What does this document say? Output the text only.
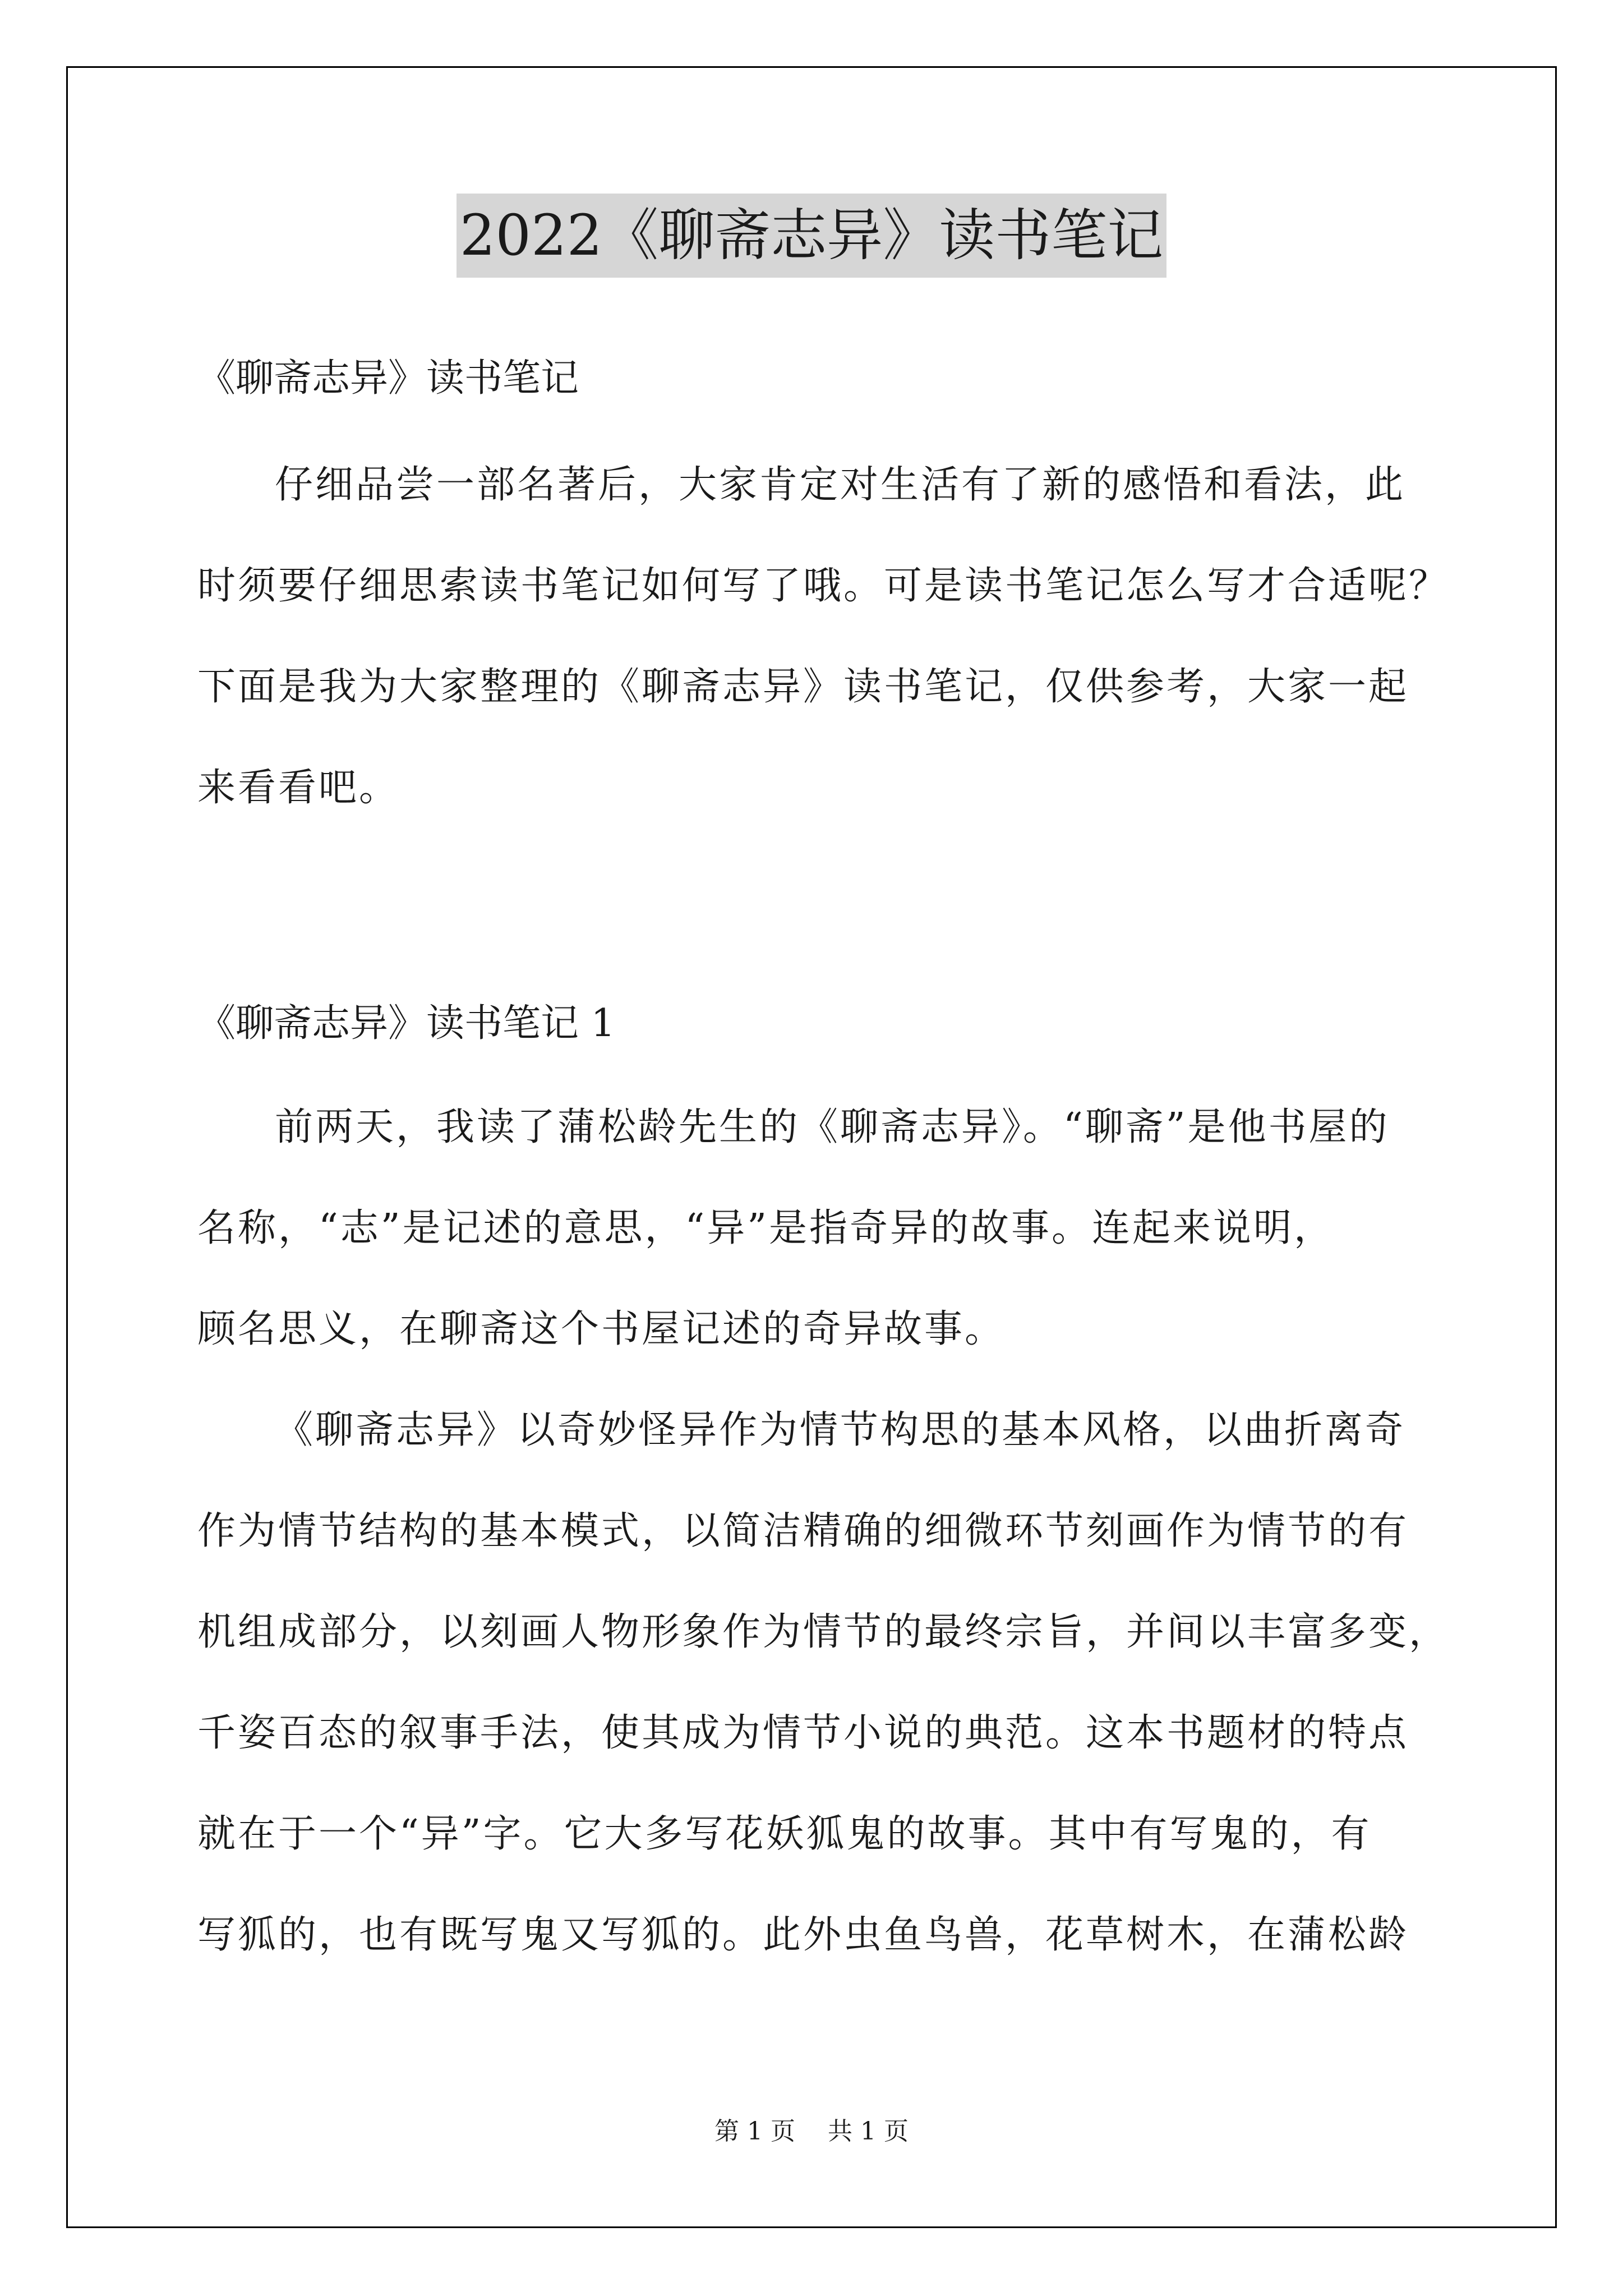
2022《聊斋志异》读书笔记
《聊斋志异》读书笔记
仔细品尝一部名著后，大家肯定对生活有了新的感悟和看法，此
时须要仔细思索读书笔记如何写了哦。可是读书笔记怎么写才合适呢？
下面是我为大家整理的《聊斋志异》读书笔记，仅供参考，大家一起
来看看吧。
《聊斋志异》读书笔记 1
前两天，我读了蒲松龄先生的《聊斋志异》。“聊斋”是他书屋的
名称，“志”是记述的意思，“异”是指奇异的故事。连起来说明，
顾名思义，在聊斋这个书屋记述的奇异故事。
《聊斋志异》以奇妙怪异作为情节构思的基本风格，以曲折离奇
作为情节结构的基本模式，以简洁精确的细微环节刻画作为情节的有
机组成部分，以刻画人物形象作为情节的最终宗旨，并间以丰富多变，
千姿百态的叙事手法，使其成为情节小说的典范。这本书题材的特点
就在于一个“异”字。它大多写花妖狐鬼的故事。其中有写鬼的，有
写狐的，也有既写鬼又写狐的。此外虫鱼鸟兽，花草树木，在蒲松龄
第 1 页 共 1 页
